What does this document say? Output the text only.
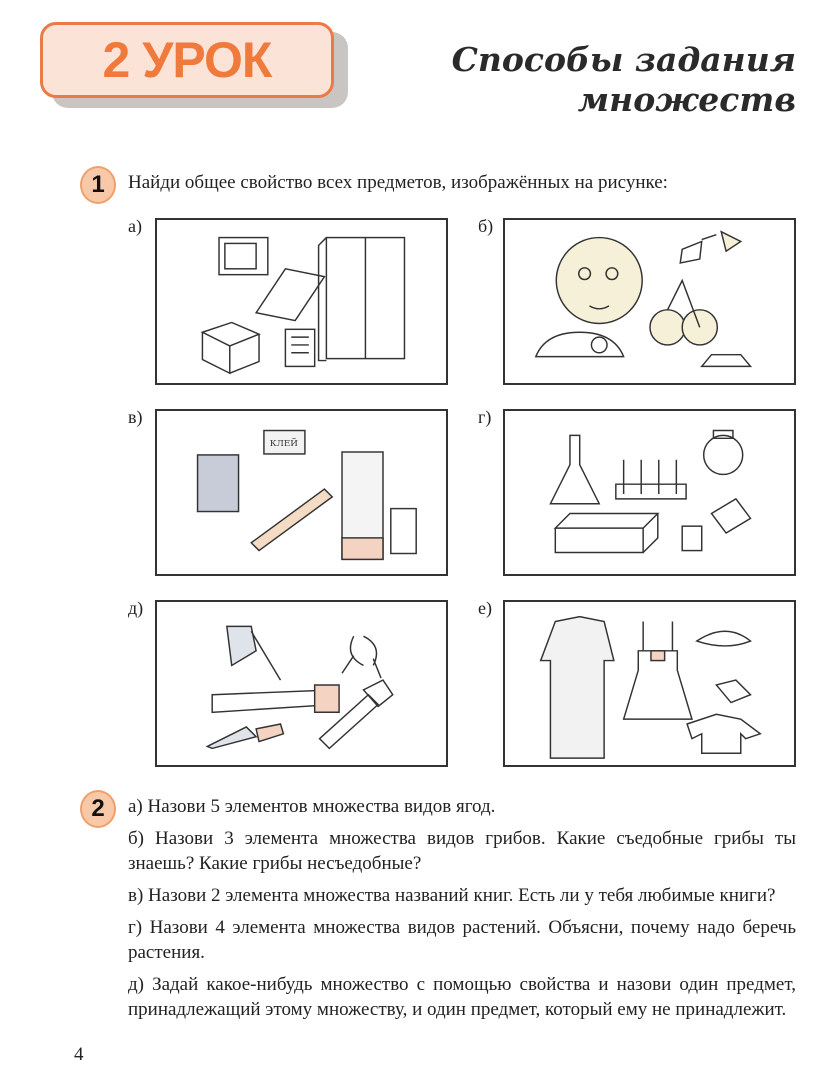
2 УРОК	Способы задания
множеств
1	Найди общее свойство всех предметов, изображённых на рисунке:
а)	б)
в)
КЛЕЙ
г)
д)	е)
2	а) Назови 5 элементов множества видов ягод.

б) Назови 3 элемента множества видов грибов. Какие съедобные грибы ты знаешь? Какие грибы несъедобные?

в) Назови 2 элемента множества названий книг. Есть ли у тебя любимые книги?

г) Назови 4 элемента множества видов растений. Объясни, почему надо беречь растения.

д) Задай какое-нибудь множество с помощью свойства и назови один предмет, принадлежащий этому множеству, и один предмет, который ему не принадлежит.

4
